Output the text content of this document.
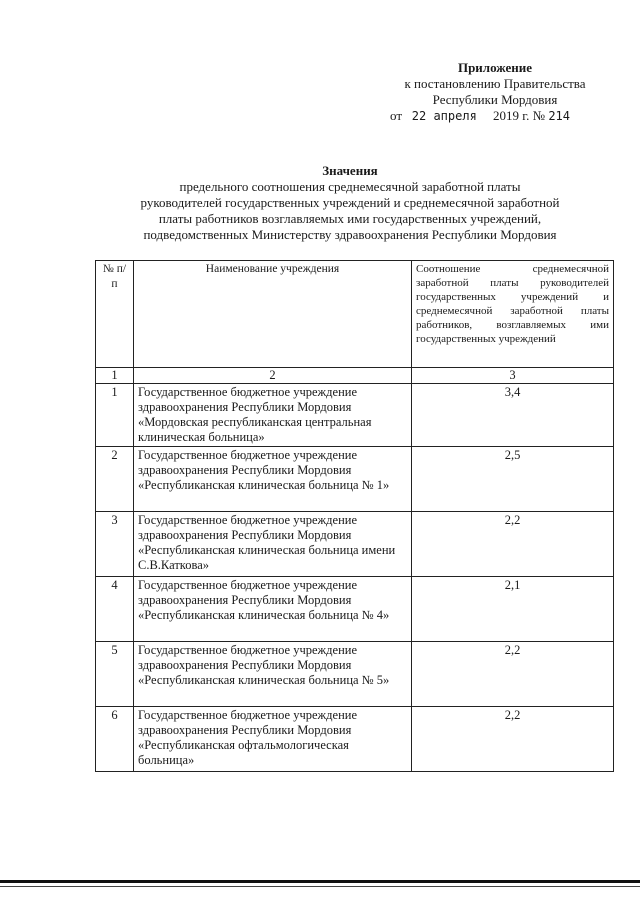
Приложение
к постановлению Правительства
Республики Мордовия
от 22 апреля 2019 г. № 214
Значения
предельного соотношения среднемесячной заработной платы
руководителей государственных учреждений и среднемесячной заработной
платы работников возглавляемых ими государственных учреждений,
подведомственных Министерству здравоохранения Республики Мордовия
№ п/п	Наименование учреждения	Соотношение среднемесячной заработной платы руководителей государственных учреждений и среднемесячной заработной платы работников, возглавляемых ими государственных учреждений
1	2	3
1	Государственное бюджетное учреждение здравоохранения Республики Мордовия «Мордовская республиканская центральная клиническая больница»	3,4
2	Государственное бюджетное учреждение здравоохранения Республики Мордовия «Республиканская клиническая больница № 1»	2,5
3	Государственное бюджетное учреждение здравоохранения Республики Мордовия «Республиканская клиническая больница имени С.В.Каткова»	2,2
4	Государственное бюджетное учреждение здравоохранения Республики Мордовия «Республиканская клиническая больница № 4»	2,1
5	Государственное бюджетное учреждение здравоохранения Республики Мордовия «Республиканская клиническая больница № 5»	2,2
6	Государственное бюджетное учреждение здравоохранения Республики Мордовия «Республиканская офтальмологическая больница»	2,2
